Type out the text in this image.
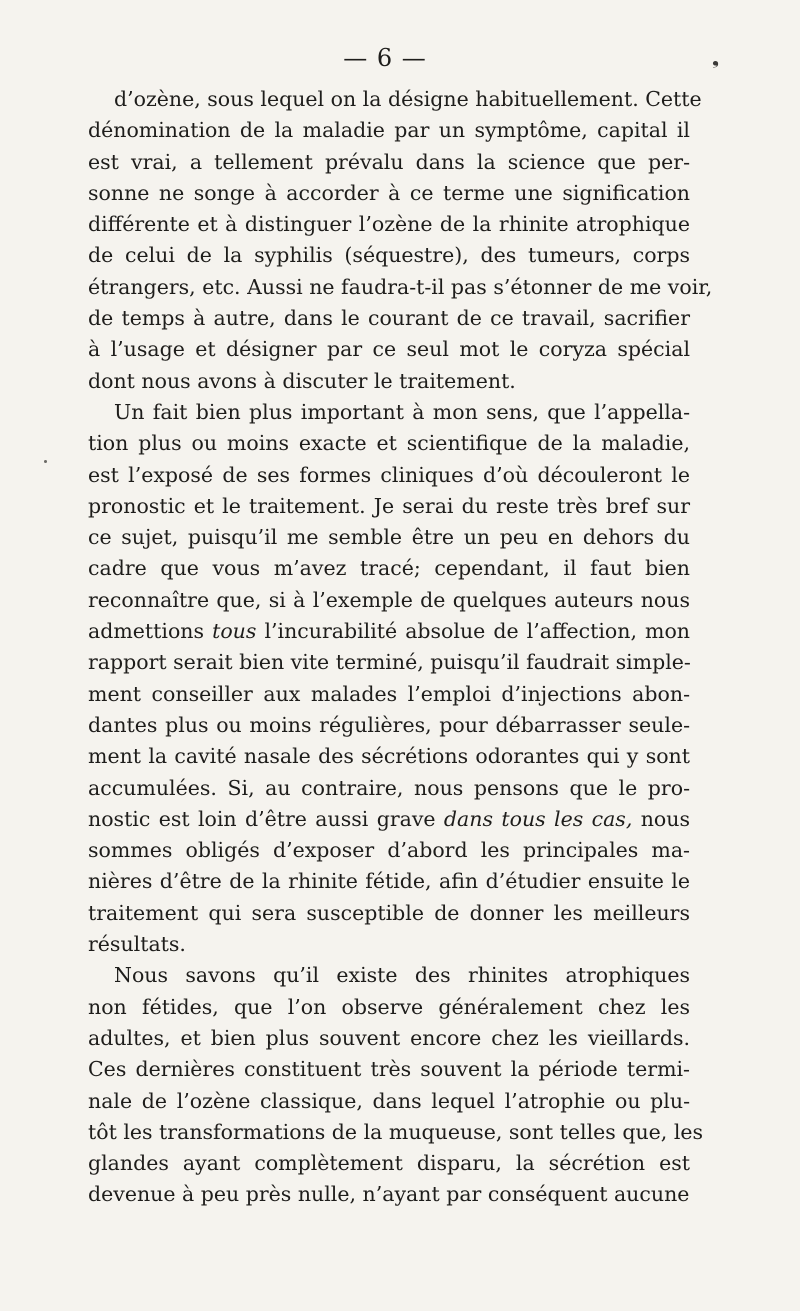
— 6 —	❟
d’ozène, sous lequel on la désigne habituellement. Cette
dénomination de la maladie par un symptôme, capital il
est vrai, a tellement prévalu dans la science que per-
sonne ne songe à accorder à ce terme une signification
différente et à distinguer l’ozène de la rhinite atrophique
de celui de la syphilis (séquestre), des tumeurs, corps
étrangers, etc. Aussi ne faudra-t-il pas s’étonner de me voir,
de temps à autre, dans le courant de ce travail, sacrifier
à l’usage et désigner par ce seul mot le coryza spécial
dont nous avons à discuter le traitement.
Un fait bien plus important à mon sens, que l’appella-
tion plus ou moins exacte et scientifique de la maladie,
est l’exposé de ses formes cliniques d’où découleront le
pronostic et le traitement. Je serai du reste très bref sur
ce sujet, puisqu’il me semble être un peu en dehors du
cadre que vous m’avez tracé; cependant, il faut bien
reconnaître que, si à l’exemple de quelques auteurs nous
admettions tous l’incurabilité absolue de l’affection, mon
rapport serait bien vite terminé, puisqu’il faudrait simple-
ment conseiller aux malades l’emploi d’injections abon-
dantes plus ou moins régulières, pour débarrasser seule-
ment la cavité nasale des sécrétions odorantes qui y sont
accumulées. Si, au contraire, nous pensons que le pro-
nostic est loin d’être aussi grave dans tous les cas, nous
sommes obligés d’exposer d’abord les principales ma-
nières d’être de la rhinite fétide, afin d’étudier ensuite le
traitement qui sera susceptible de donner les meilleurs
résultats.
Nous savons qu’il existe des rhinites atrophiques
non fétides, que l’on observe généralement chez les
adultes, et bien plus souvent encore chez les vieillards.
Ces dernières constituent très souvent la période termi-
nale de l’ozène classique, dans lequel l’atrophie ou plu-
tôt les transformations de la muqueuse, sont telles que, les
glandes ayant complètement disparu, la sécrétion est
devenue à peu près nulle, n’ayant par conséquent aucune
